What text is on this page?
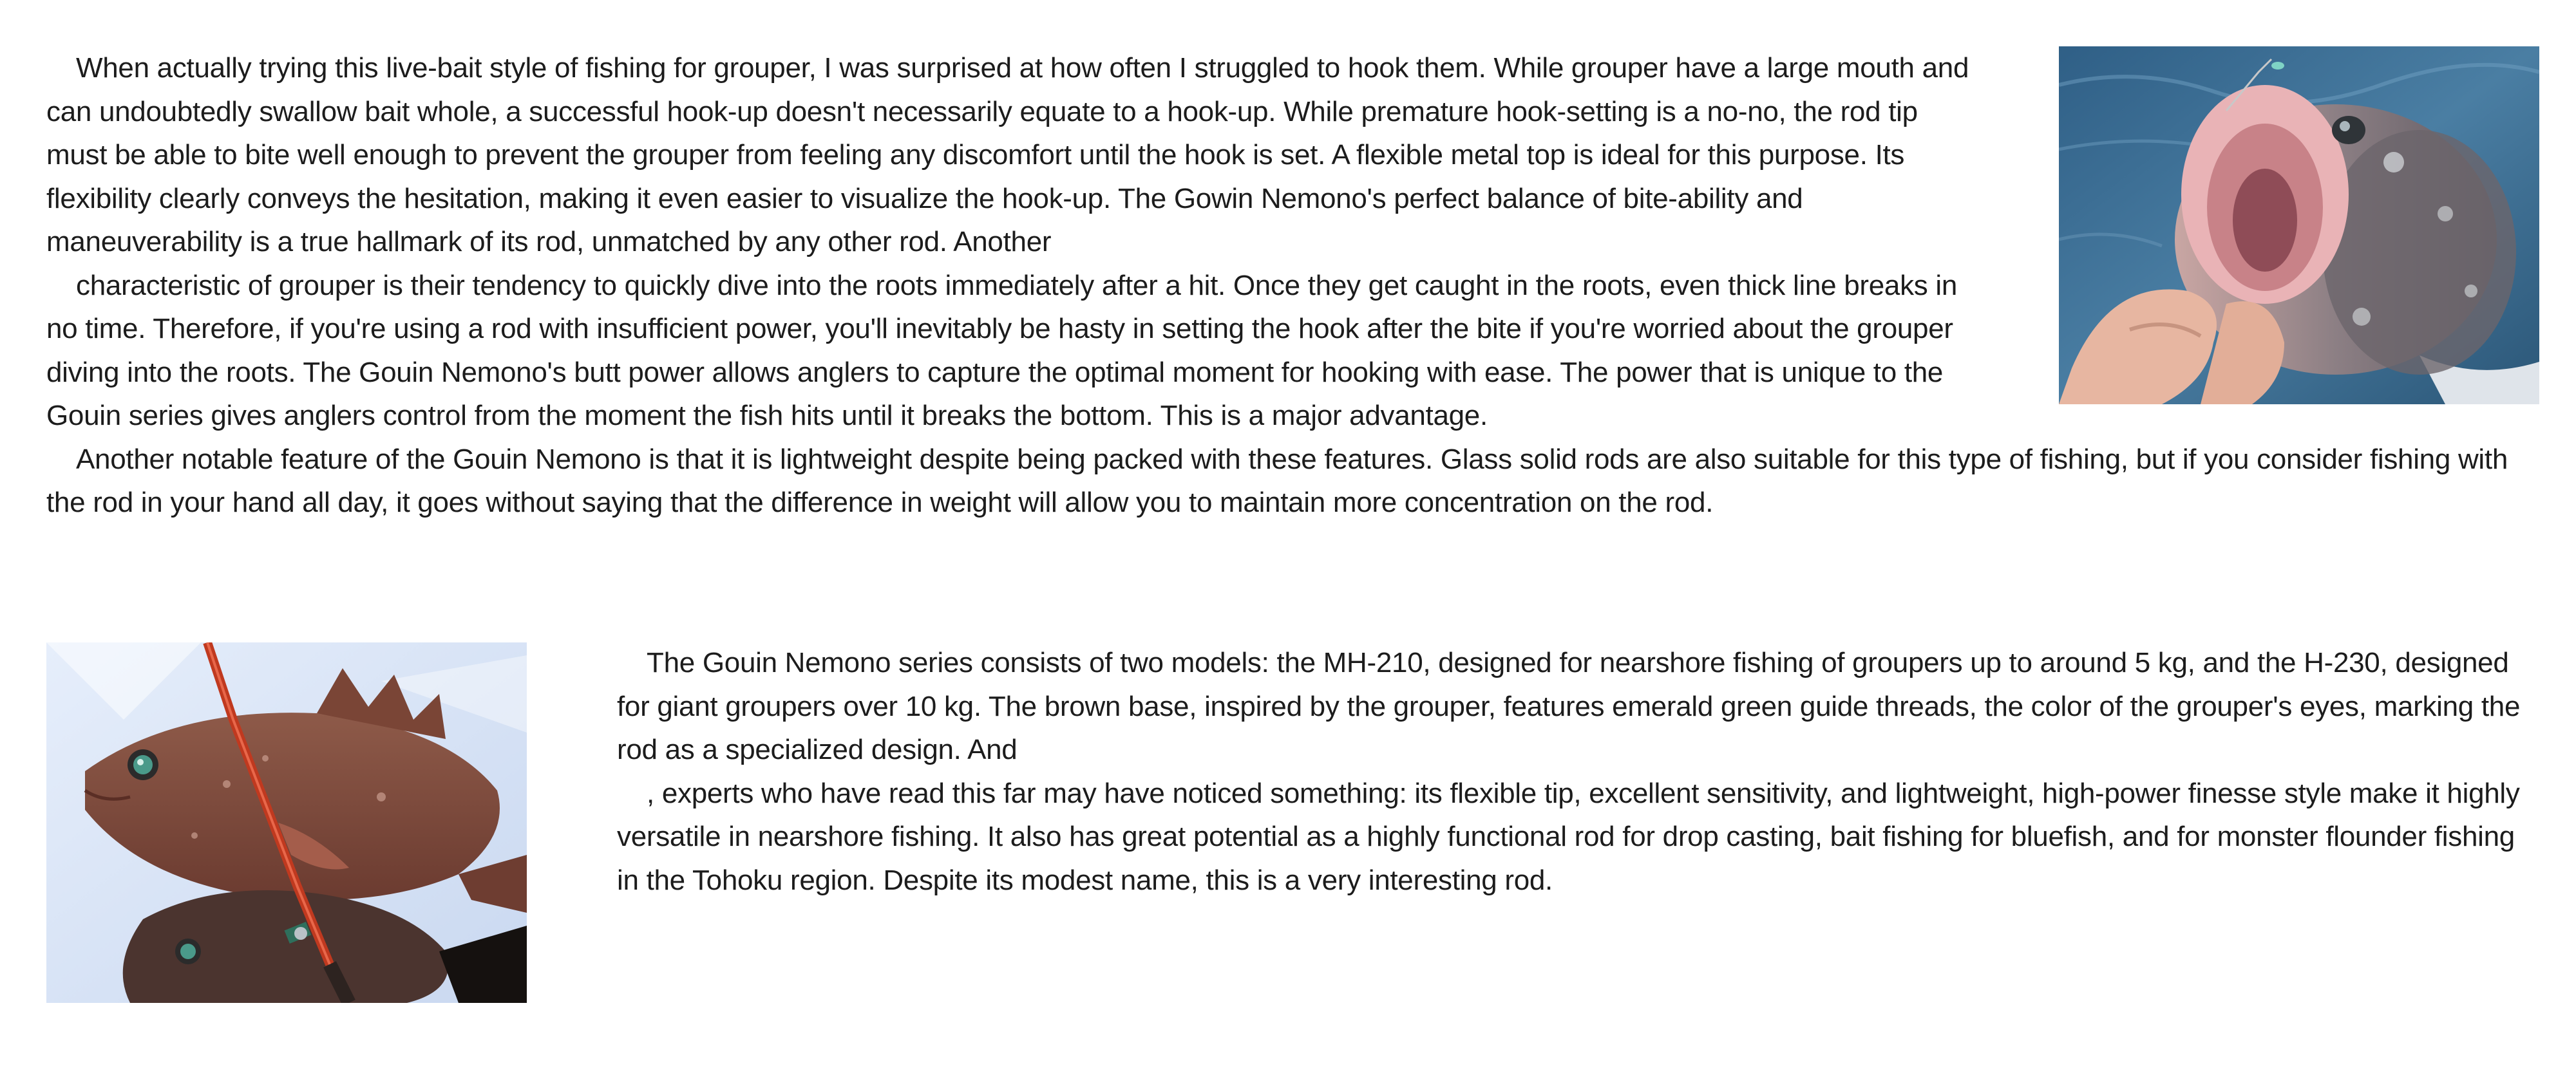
When actually trying this live-bait style of fishing for grouper, I was surprised at how often I struggled to hook them. While grouper have a large mouth and can undoubtedly swallow bait whole, a successful hook-up doesn't necessarily equate to a hook-up. While premature hook-setting is a no-no, the rod tip must be able to bite well enough to prevent the grouper from feeling any discomfort until the hook is set. A flexible metal top is ideal for this purpose. Its flexibility clearly conveys the hesitation, making it even easier to visualize the hook-up. The Gowin Nemono's perfect balance of bite-ability and maneuverability is a true hallmark of its rod, unmatched by any other rod. Another

characteristic of grouper is their tendency to quickly dive into the roots immediately after a hit. Once they get caught in the roots, even thick line breaks in no time. Therefore, if you're using a rod with insufficient power, you'll inevitably be hasty in setting the hook after the bite if you're worried about the grouper diving into the roots. The Gouin Nemono's butt power allows anglers to capture the optimal moment for hooking with ease. The power that is unique to the Gouin series gives anglers control from the moment the fish hits until it breaks the bottom. This is a major advantage.

Another notable feature of the Gouin Nemono is that it is lightweight despite being packed with these features. Glass solid rods are also suitable for this type of fishing, but if you consider fishing with the rod in your hand all day, it goes without saying that the difference in weight will allow you to maintain more concentration on the rod.

The Gouin Nemono series consists of two models: the MH-210, designed for nearshore fishing of groupers up to around 5 kg, and the H-230, designed for giant groupers over 10 kg. The brown base, inspired by the grouper, features emerald green guide threads, the color of the grouper's eyes, marking the rod as a specialized design. And

, experts who have read this far may have noticed something: its flexible tip, excellent sensitivity, and lightweight, high-power finesse style make it highly versatile in nearshore fishing. It also has great potential as a highly functional rod for drop casting, bait fishing for bluefish, and for monster flounder fishing in the Tohoku region. Despite its modest name, this is a very interesting rod.
